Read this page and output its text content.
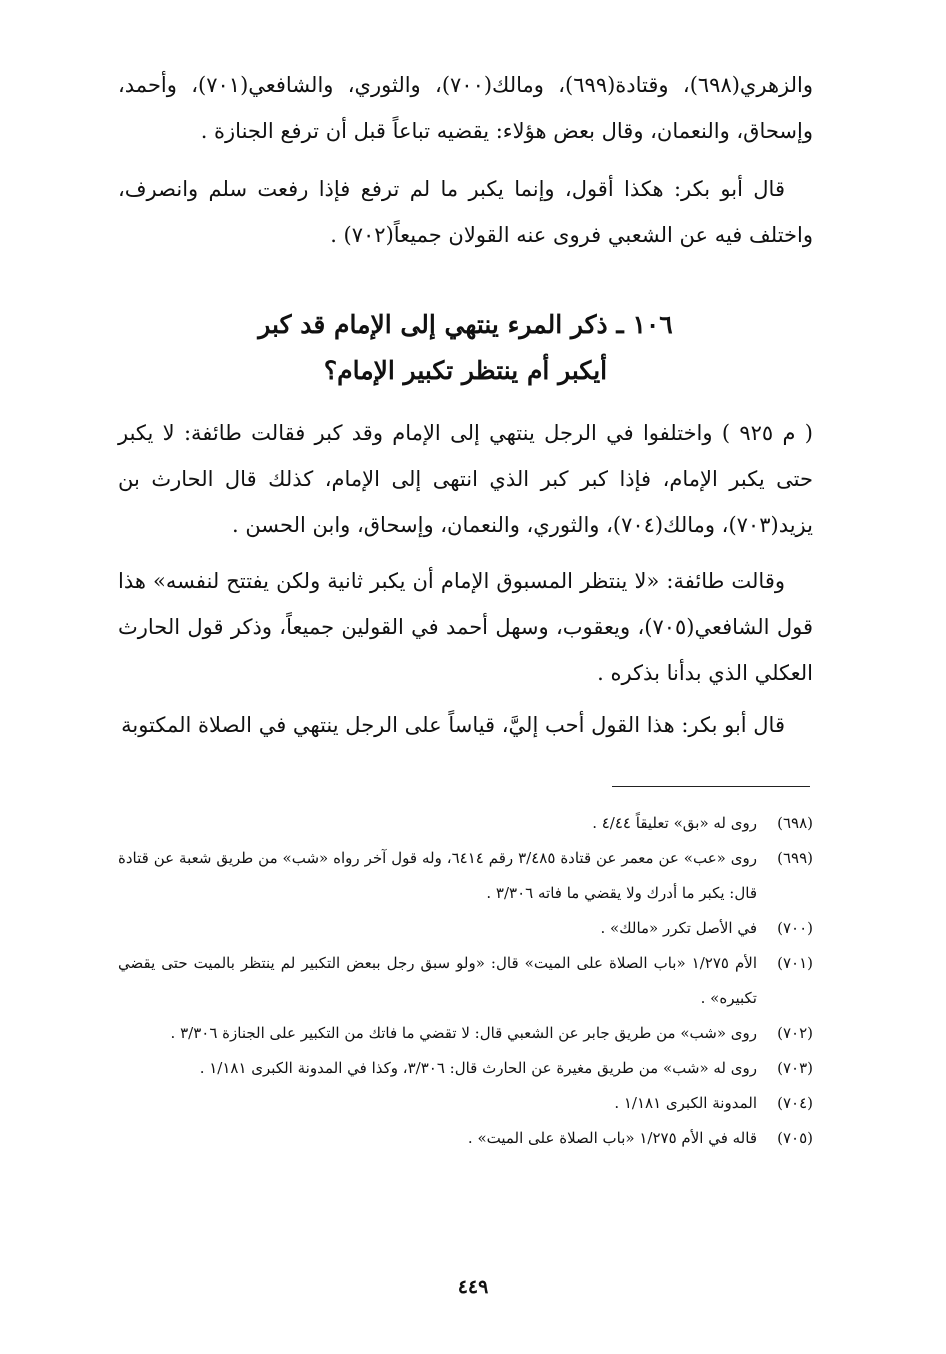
والزهري(٦٩٨)، وقتادة(٦٩٩)، ومالك(٧٠٠)، والثوري، والشافعي(٧٠١)، وأحمد، وإسحاق، والنعمان، وقال بعض هؤلاء: يقضيه تباعاً قبل أن ترفع الجنازة .

قال أبو بكر: هكذا أقول، وإنما يكبر ما لم ترفع فإذا رفعت سلم وانصرف، واختلف فيه عن الشعبي فروى عنه القولان جميعاً(٧٠٢) .

١٠٦ ـ ذكر المرء ينتهي إلى الإمام قد كبر
أيكبر أم ينتظر تكبير الإمام؟

( م ٩٢٥ ) واختلفوا في الرجل ينتهي إلى الإمام وقد كبر فقالت طائفة: لا يكبر حتى يكبر الإمام، فإذا كبر كبر الذي انتهى إلى الإمام، كذلك قال الحارث بن يزيد(٧٠٣)، ومالك(٧٠٤)، والثوري، والنعمان، وإسحاق، وابن الحسن .

وقالت طائفة: «لا ينتظر المسبوق الإمام أن يكبر ثانية ولكن يفتتح لنفسه» هذا قول الشافعي(٧٠٥)، ويعقوب، وسهل أحمد في القولين جميعاً، وذكر قول الحارث العكلي الذي بدأنا بذكره .

قال أبو بكر: هذا القول أحب إليَّ، قياساً على الرجل ينتهي في الصلاة المكتوبة

(٦٩٨)
روى له «بق» تعليقاً ٤/٤٤ .
(٦٩٩)
روى «عب» عن معمر عن قتادة ٣/٤٨٥ رقم ٦٤١٤، وله قول آخر رواه «شب» من طريق شعبة عن قتادة قال: يكبر ما أدرك ولا يقضي ما فاته ٣/٣٠٦ .
(٧٠٠)
في الأصل تكرر «مالك» .
(٧٠١)
الأم ١/٢٧٥ «باب الصلاة على الميت» قال: «ولو سبق رجل ببعض التكبير لم ينتظر بالميت حتى يقضي تكبيره» .
(٧٠٢)
روى «شب» من طريق جابر عن الشعبي قال: لا تقضي ما فاتك من التكبير على الجنازة ٣/٣٠٦ .
(٧٠٣)
روى له «شب» من طريق مغيرة عن الحارث قال: ٣/٣٠٦، وكذا في المدونة الكبرى ١/١٨١ .
(٧٠٤)
المدونة الكبرى ١/١٨١ .
(٧٠٥)
قاله في الأم ١/٢٧٥ «باب الصلاة على الميت» .
٤٤٩
